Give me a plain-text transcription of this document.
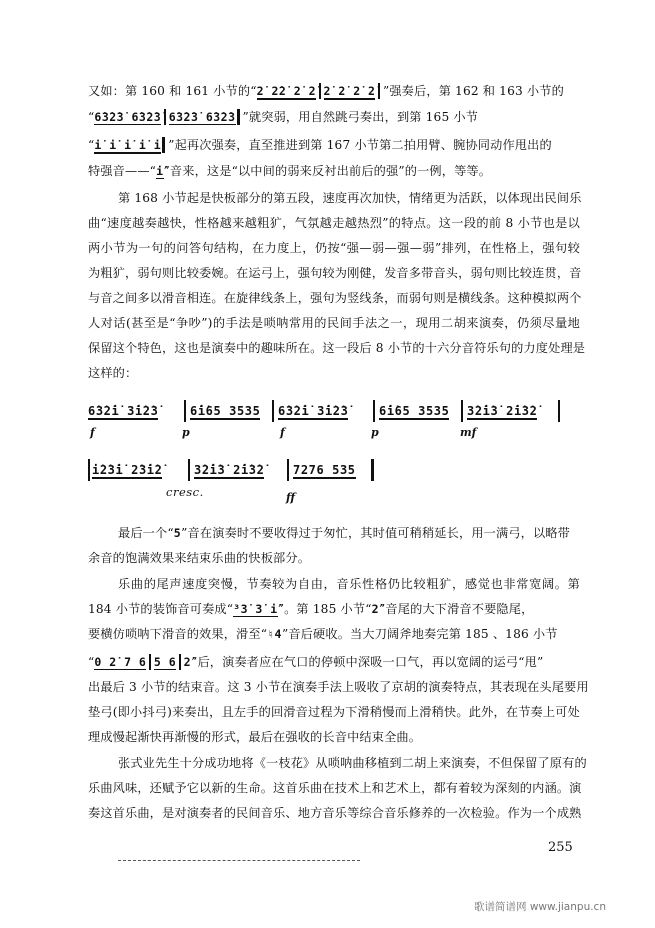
又如：第 160 和 161 小节的“2̇ 2̇2̇ 2̇ 2̇ 2̇ 2̇ 2̇ 2̇ ”强奏后，第 162 和 163 小节的
“6̇3̇2̇3̇ 6̇3̇2̇3̇ 6̇3̇2̇3̇ 6̇3̇2̇3̇ ”就突弱，用自然跳弓奏出，到第 165 小节
“i̇ i̇ i̇ i̇ i̇ ”起再次强奏，直至推进到第 167 小节第二拍用臂、腕协同动作甩出的
特强音——“i̇”音来，这是“以中间的弱来反衬出前后的强”的一例，等等。
第 168 小节起是快板部分的第五段，速度再次加快，情绪更为活跃，以体现出民间乐
曲“速度越奏越快，性格越来越粗犷，气氛越走越热烈”的特点。这一段的前 8 小节也是以
两小节为一句的问答句结构，在力度上，仍按“强—弱—强—弱”排列，在性格上，强句较
为粗犷，弱句则比较委婉。在运弓上，强句较为刚健，发音多带音头，弱句则比较连贯，音
与音之间多以滑音相连。在旋律线条上，强句为竖线条，而弱句则是横线条。这种模拟两个
人对话(甚至是“争吵”)的手法是唢呐常用的民间手法之一，现用二胡来演奏，仍须尽量地
保留这个特色，这也是演奏中的趣味所在。这一段后 8 小节的十六分音符乐句的力度处理是
这样的：
6̇3̇2̇i̇ 3̇i̇2̇3̇	6̇i̇65 3535 6̇3̇2̇i̇ 3̇i̇2̇3̇	6̇i̇65 3535 3̇2̇i̇3̇ 2̇i̇3̇2̇
f	p	f	p	mf
i̇2̇3̇i̇ 2̇3̇i̇2̇	3̇2̇i̇3̇ 2̇i̇3̇2̇ 7276 535
cresc.	ff
最后一个“5”音在演奏时不要收得过于匆忙，其时值可稍稍延长，用一满弓，以略带
余音的饱满效果来结束乐曲的快板部分。
乐曲的尾声速度突慢，节奏较为自由，音乐性格仍比较粗犷，感觉也非常宽阔。第
184 小节的装饰音可奏成“³3̇ 3̇ i̇”。第 185 小节“2̇”音尾的大下滑音不要隐尾，
要横仿唢呐下滑音的效果，滑至“♮4”音后硬收。当大刀阔斧地奏完第 185 、186 小节
“0 2̇ 7 6 5 6 2̇”后，演奏者应在气口的停顿中深吸一口气，再以宽阔的运弓“甩”
出最后 3 小节的结束音。这 3 小节在演奏手法上吸收了京胡的演奏特点，其表现在头尾要用
垫弓(即小抖弓)来奏出，且左手的回滑音过程为下滑稍慢而上滑稍快。此外，在节奏上可处
理成慢起渐快再渐慢的形式，最后在强收的长音中结束全曲。
张式业先生十分成功地将《一枝花》从唢呐曲移植到二胡上来演奏，不但保留了原有的
乐曲风味，还赋予它以新的生命。这首乐曲在技术上和艺术上，都有着较为深刻的内涵。演
奏这首乐曲，是对演奏者的民间音乐、地方音乐等综合音乐修养的一次检验。作为一个成熟
255
歌谱简谱网 www.jianpu.cn
